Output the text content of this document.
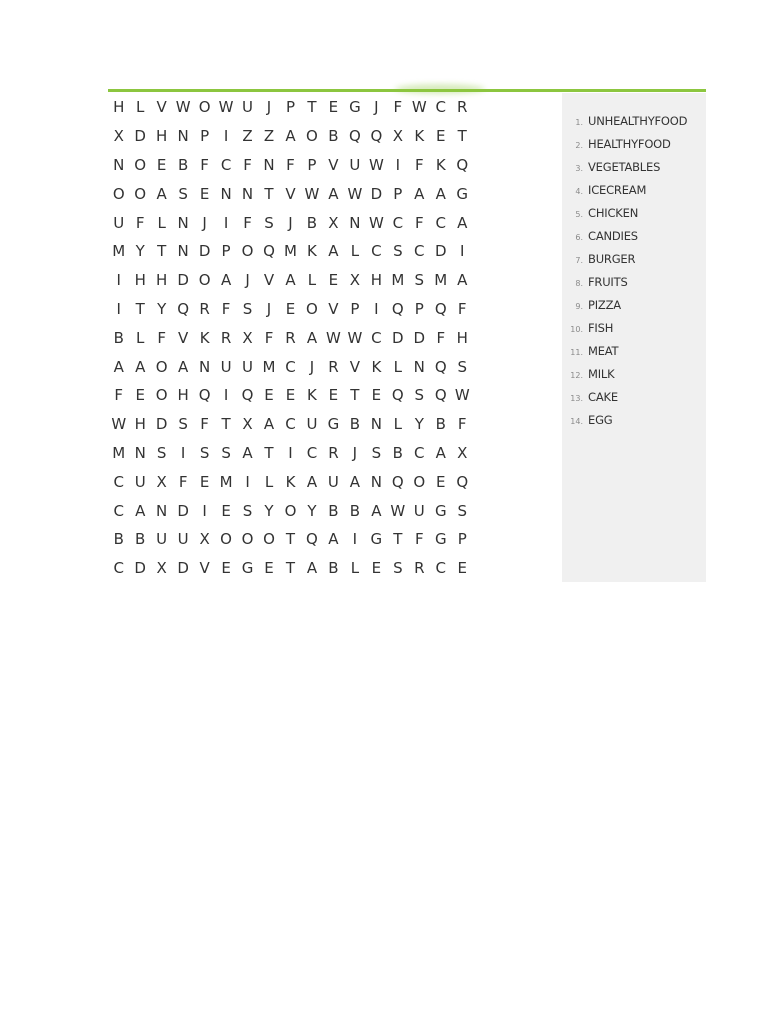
H L V W O W U J P T E G J F W C R
X D H N P I Z Z A O B Q Q X K E T
N O E B F C F N F P V U W I F K Q
O O A S E N N T V W A W D P A A G
U F L N J	I F S J B X N W C F C A
M Y T N D P O Q M K A L C S C D I
I H H D O A J V A L E X H M S M A
I T Y Q R F S J E O V P I Q P Q F
B L F V K R X F R A W W C D D F H
A A O A N U U M C J R V K L N Q S
F E O H Q I Q E E K E T E Q S Q W
W H D S F T X A C U G B N L Y B F
M N S I S S A T I C R J S B C A X
C U X F E M I	L K A U A N Q O E Q
C A N D I E S Y O Y B B A W U G S
B B U U X O O O T Q A I G T F G P
C D X D V E G E T A B L E S R C E
1. UNHEALTHYFOOD
2. HEALTHYFOOD
3. VEGETABLES
4. ICECREAM
5. CHICKEN
6. CANDIES
7. BURGER
8. FRUITS
9. PIZZA
10. FISH
11. MEAT
12. MILK
13. CAKE
14. EGG
